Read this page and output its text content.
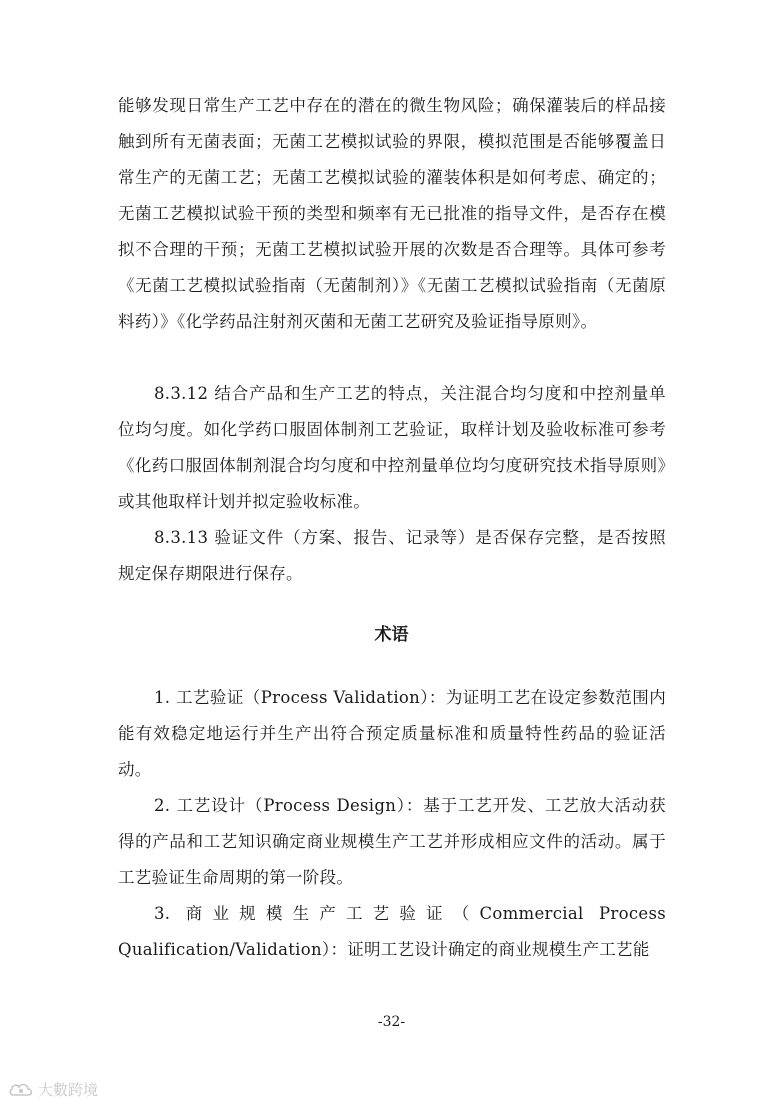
能够发现日常生产工艺中存在的潜在的微生物风险；确保灌装后的样品接触到所有无菌表面；无菌工艺模拟试验的界限，模拟范围是否能够覆盖日常生产的无菌工艺；无菌工艺模拟试验的灌装体积是如何考虑、确定的；无菌工艺模拟试验干预的类型和频率有无已批准的指导文件，是否存在模拟不合理的干预；无菌工艺模拟试验开展的次数是否合理等。具体可参考《无菌工艺模拟试验指南（无菌制剂）》《无菌工艺模拟试验指南（无菌原料药）》《化学药品注射剂灭菌和无菌工艺研究及验证指导原则》。

8.3.12 结合产品和生产工艺的特点，关注混合均匀度和中控剂量单位均匀度。如化学药口服固体制剂工艺验证，取样计划及验收标准可参考《化药口服固体制剂混合均匀度和中控剂量单位均匀度研究技术指导原则》或其他取样计划并拟定验收标准。

8.3.13 验证文件（方案、报告、记录等）是否保存完整，是否按照规定保存期限进行保存。

术语

1. 工艺验证（Process Validation）：为证明工艺在设定参数范围内能有效稳定地运行并生产出符合预定质量标准和质量特性药品的验证活动。

2. 工艺设计（Process Design）：基于工艺开发、工艺放大活动获得的产品和工艺知识确定商业规模生产工艺并形成相应文件的活动。属于工艺验证生命周期的第一阶段。

3. 商业规模生产工艺验证（Commercial Process Qualification/Validation）：证明工艺设计确定的商业规模生产工艺能

-32-

大數跨境
